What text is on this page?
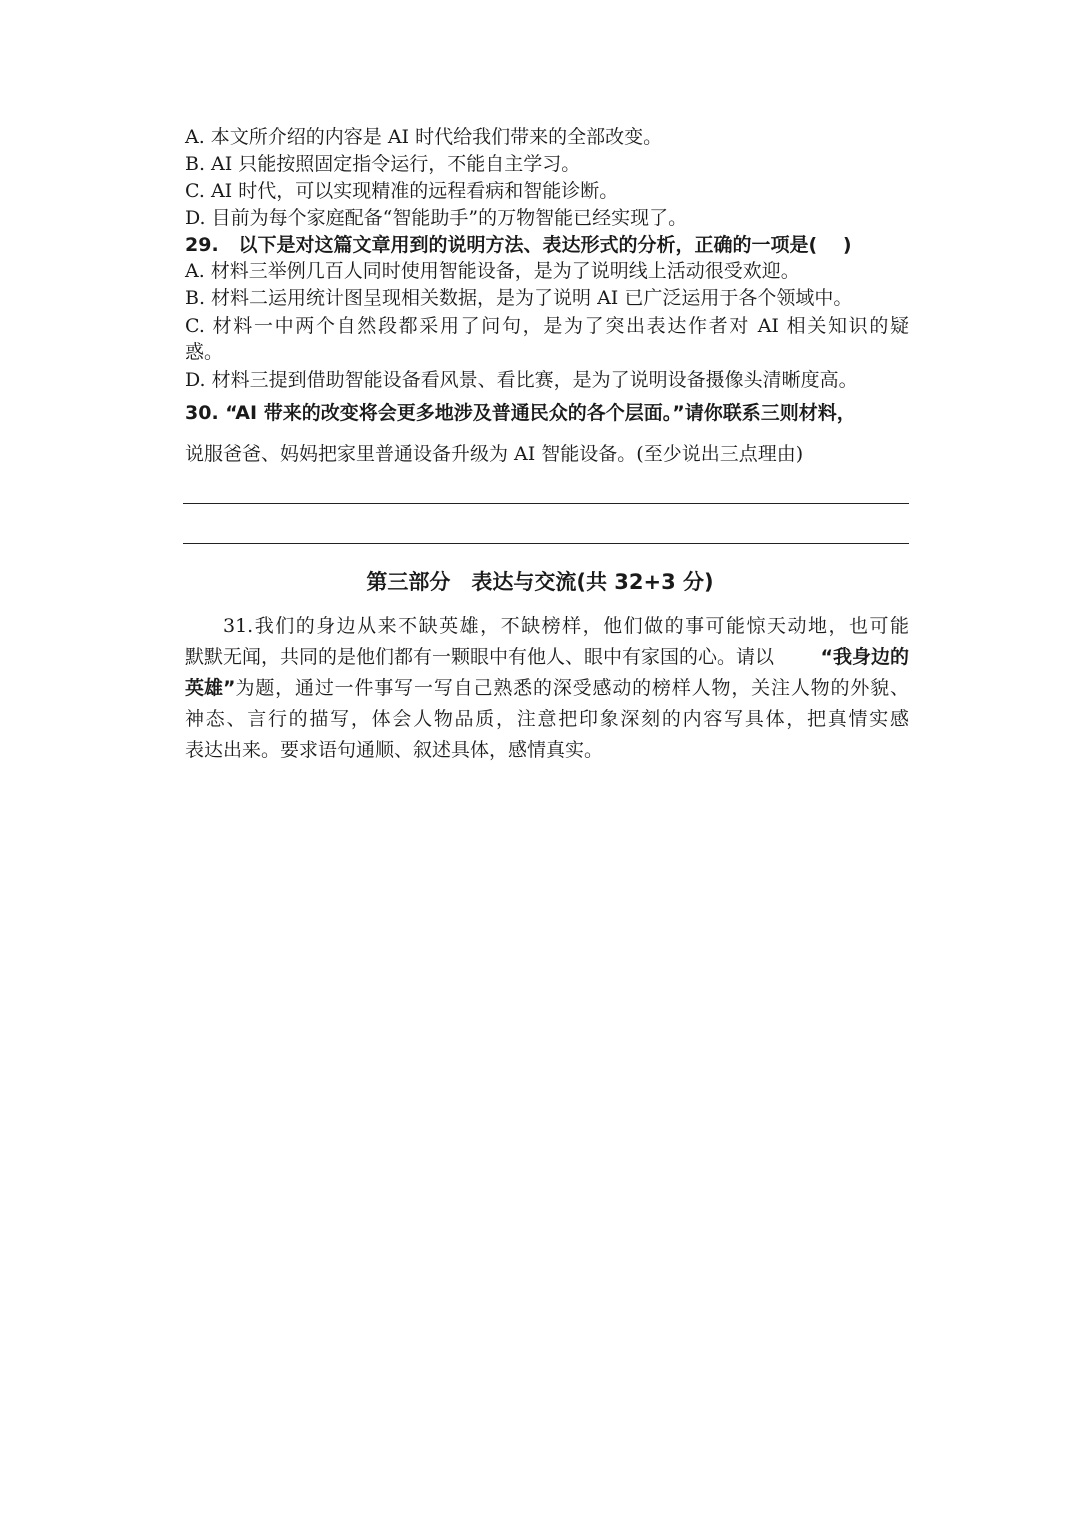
A. 本文所介绍的内容是 AI 时代给我们带来的全部改变。
B. AI 只能按照固定指令运行，不能自主学习。
C. AI 时代，可以实现精准的远程看病和智能诊断。
D. 目前为每个家庭配备“智能助手”的万物智能已经实现了。
29. 以下是对这篇文章用到的说明方法、表达形式的分析，正确的一项是(　 )
A. 材料三举例几百人同时使用智能设备，是为了说明线上活动很受欢迎。
B. 材料二运用统计图呈现相关数据，是为了说明 AI 已广泛运用于各个领域中。
C. 材料一中两个自然段都采用了问句，是为了突出表达作者对 AI 相关知识的疑
惑。
D. 材料三提到借助智能设备看风景、看比赛，是为了说明设备摄像头清晰度高。
30. “AI 带来的改变将会更多地涉及普通民众的各个层面。”请你联系三则材料，
说服爸爸、妈妈把家里普通设备升级为 AI 智能设备。(至少说出三点理由)
第三部分　表达与交流(共 32+3 分)
31.我们的身边从来不缺英雄，不缺榜样，他们做的事可能惊天动地，也可能
默默无闻，共同的是他们都有一颗眼中有他人、眼中有家国的心。请以 “我身边的
英雄” 为题，通过一件事写一写自己熟悉的深受感动的榜样人物，关注人物的外貌、
神态、言行的描写，体会人物品质，注意把印象深刻的内容写具体，把真情实感
表达出来。要求语句通顺、叙述具体，感情真实。
